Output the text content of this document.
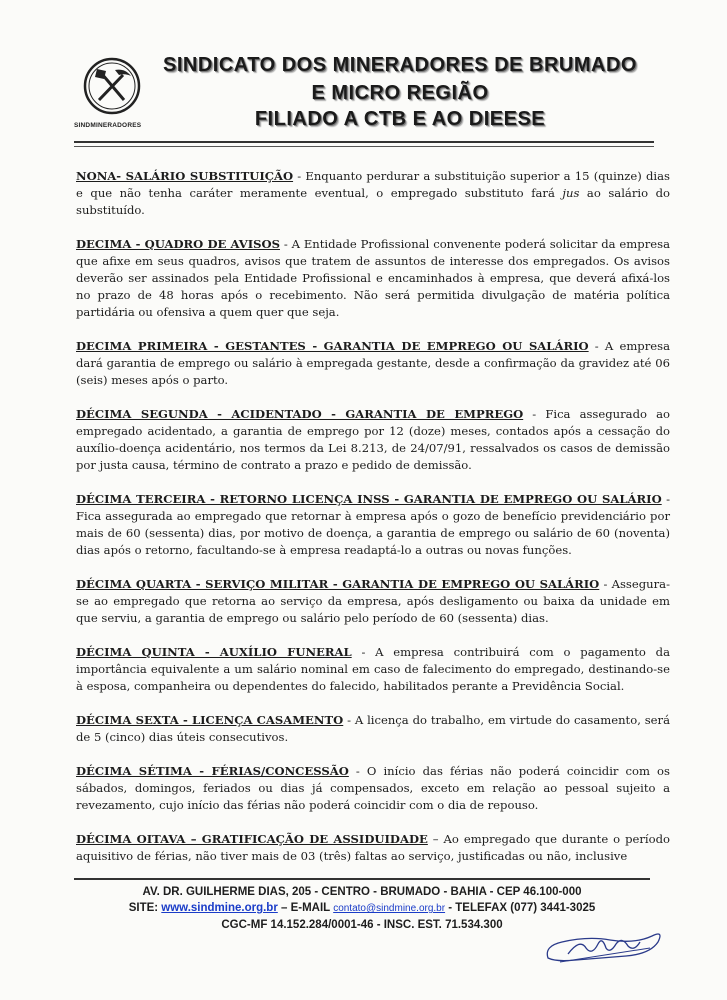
SINDMINERADORES
SINDICATO DOS MINERADORES DE BRUMADO
E MICRO REGIÃO
FILIADO A CTB E AO DIEESE

NONA- SALÁRIO SUBSTITUIÇÃO - Enquanto perdurar a substituição superior a 15 (quinze) dias e que não tenha caráter meramente eventual, o empregado substituto fará jus ao salário do substituído.

DECIMA - QUADRO DE AVISOS - A Entidade Profissional convenente poderá solicitar da empresa que afixe em seus quadros, avisos que tratem de assuntos de interesse dos empregados. Os avisos deverão ser assinados pela Entidade Profissional e encaminhados à empresa, que deverá afixá-los no prazo de 48 horas após o recebimento. Não será permitida divulgação de matéria política partidária ou ofensiva a quem quer que seja.

DECIMA PRIMEIRA - GESTANTES - GARANTIA DE EMPREGO OU SALÁRIO - A empresa dará garantia de emprego ou salário à empregada gestante, desde a confirmação da gravidez até 06 (seis) meses após o parto.

DÉCIMA SEGUNDA - ACIDENTADO - GARANTIA DE EMPREGO - Fica assegurado ao empregado acidentado, a garantia de emprego por 12 (doze) meses, contados após a cessação do auxílio-doença acidentário, nos termos da Lei 8.213, de 24/07/91, ressalvados os casos de demissão por justa causa, término de contrato a prazo e pedido de demissão.

DÉCIMA TERCEIRA - RETORNO LICENÇA INSS - GARANTIA DE EMPREGO OU SALÁRIO - Fica assegurada ao empregado que retornar à empresa após o gozo de benefício previdenciário por mais de 60 (sessenta) dias, por motivo de doença, a garantia de emprego ou salário de 60 (noventa) dias após o retorno, facultando-se à empresa readaptá-lo a outras ou novas funções.

DÉCIMA QUARTA - SERVIÇO MILITAR - GARANTIA DE EMPREGO OU SALÁRIO - Assegura-se ao empregado que retorna ao serviço da empresa, após desligamento ou baixa da unidade em que serviu, a garantia de emprego ou salário pelo período de 60 (sessenta) dias.

DÉCIMA QUINTA - AUXÍLIO FUNERAL - A empresa contribuirá com o pagamento da importância equivalente a um salário nominal em caso de falecimento do empregado, destinando-se à esposa, companheira ou dependentes do falecido, habilitados perante a Previdência Social.

DÉCIMA SEXTA - LICENÇA CASAMENTO - A licença do trabalho, em virtude do casamento, será de 5 (cinco) dias úteis consecutivos.

DÉCIMA SÉTIMA - FÉRIAS/CONCESSÃO - O início das férias não poderá coincidir com os sábados, domingos, feriados ou dias já compensados, exceto em relação ao pessoal sujeito a revezamento, cujo início das férias não poderá coincidir com o dia de repouso.

DÉCIMA OITAVA – GRATIFICAÇÃO DE ASSIDUIDADE – Ao empregado que durante o período aquisitivo de férias, não tiver mais de 03 (três) faltas ao serviço, justificadas ou não, inclusive

AV. DR. GUILHERME DIAS, 205 - CENTRO - BRUMADO - BAHIA - CEP 46.100-000
SITE: www.sindmine.org.br – E-MAIL contato@sindmine.org.br - TELEFAX (077) 3441-3025
CGC-MF 14.152.284/0001-46 - INSC. EST. 71.534.300
